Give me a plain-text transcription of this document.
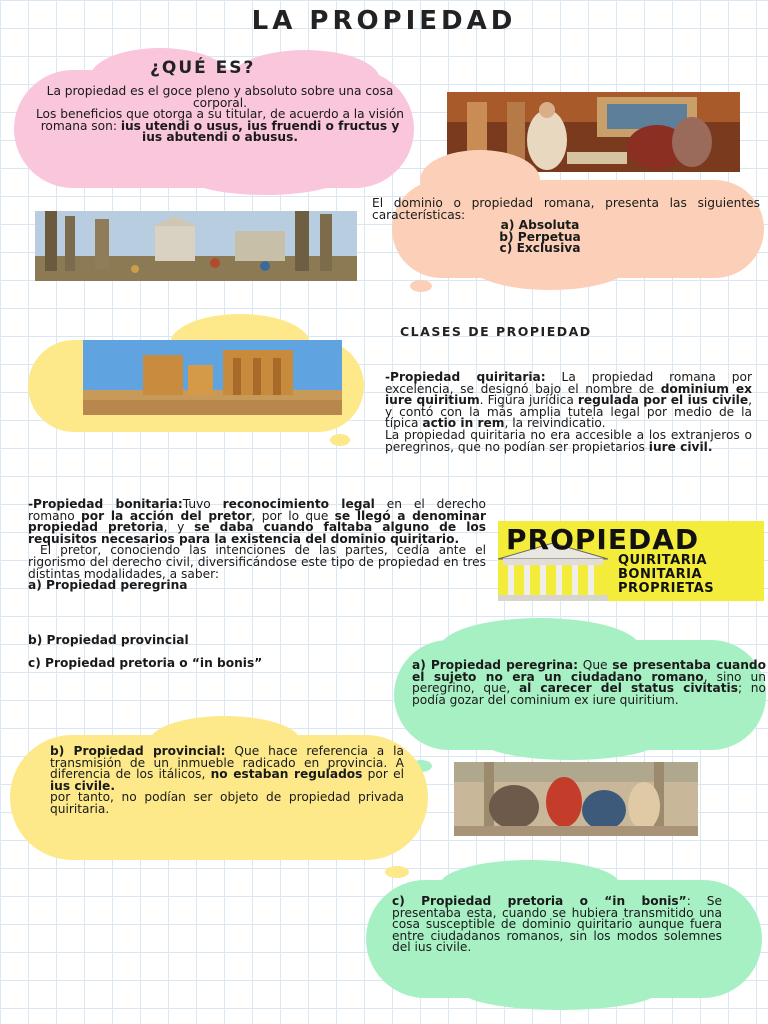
LA PROPIEDAD
¿QUÉ ES?
La propiedad es el goce pleno y absoluto sobre una cosa corporal.
Los beneficios que otorga a su titular, de acuerdo a la visión romana son: ius utendi o usus, ius fruendi o fructus y ius abutendi o abusus.
El dominio o propiedad romana, presenta las siguientes características:
a) Absoluta
b) Perpetua
c) Exclusiva
CLASES DE PROPIEDAD
-Propiedad quiritaria: La propiedad romana por excelencia, se designó bajo el nombre de dominium ex iure quiritium. Figura jurídica regulada por el ius civile, y contó con la más amplia tutela legal por medio de la típica actio in rem, la reivindicatio.
La propiedad quiritaria no era accesible a los extranjeros o peregrinos, que no podían ser propietarios iure civil.
-Propiedad bonitaria:Tuvo reconocimiento legal en el derecho romano por la acción del pretor, por lo que se llegó a denominar propiedad pretoria, y se daba cuando faltaba alguno de los requisitos necesarios para la existencia del dominio quiritario.
El pretor, conociendo las intenciones de las partes, cedía ante el rigorismo del derecho civil, diversificándose este tipo de propiedad en tres distintas modalidades, a saber:
a) Propiedad peregrina
b) Propiedad provincial
c) Propiedad pretoria o “in bonis”
PROPIEDAD
QUIRITARIA
BONITARIA
PROPRIETAS
a) Propiedad peregrina: Que se presentaba cuando el sujeto no era un ciudadano romano, sino un peregrino, que, al carecer del status civitatis; no podía gozar del cominium ex iure quiritium.
b) Propiedad provincial: Que hace referencia a la transmisión de un inmueble radicado en provincia. A diferencia de los itálicos, no estaban regulados por el ius civile.
por tanto, no podían ser objeto de propiedad privada quiritaria.
c) Propiedad pretoria o “in bonis”: Se presentaba esta, cuando se hubiera transmitido una cosa susceptible de dominio quiritario aunque fuera entre ciudadanos romanos, sin los modos solemnes del ius civile.
